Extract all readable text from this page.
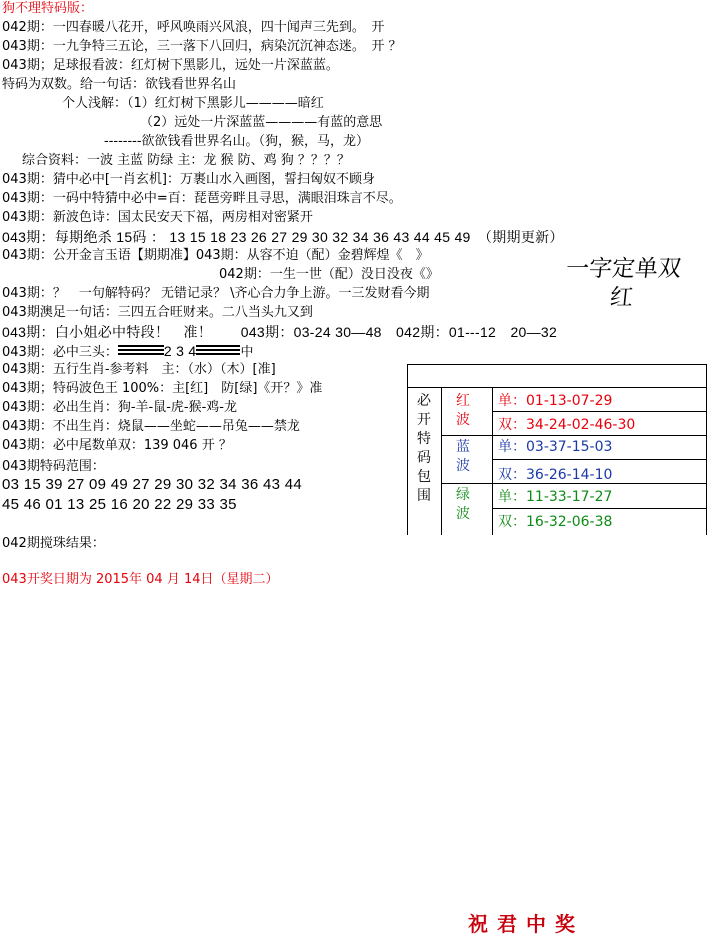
狗不理特码版：
042期：一四春暖八花开，呼风唤雨兴风浪，四十闻声三先到。　开
043期：一九争特三五论，三一落下八回归，病染沉沉神态迷。　开 ？
043期；足球报看波：红灯树下黑影儿，远处一片深蓝蓝。
特码为双数。给一句话：欲钱看世界名山
个人浅解：（1）红灯树下黑影儿————暗红
（2）远处一片深蓝蓝————有蓝的意思
--------欲欲钱看世界名山。（狗，猴，马，龙）
综合资料：一波 主蓝 防绿 主：龙 猴 防、鸡 狗 ？？？？
043期：猜中必中[一肖玄机]：万裹山水入画图，誓扫匈奴不顾身
043期：一码中特猜中必中=百：琵琶旁畔且寻思，满眼泪珠言不尽。
043期：新波色诗：国太民安天下福，两房相对密紧开
043期：每期绝杀 15码 ： 13 15 18 23 26 27 29 30 32 34 36 43 44 45 49　（期期更新）
043期：公开金言玉语【期期准】043期：从容不迫（配）金碧辉煌《　》
042期：一生一世（配）没日没夜《》
043期：？　一句解特码？ 无错记录？ \齐心合力争上游。一三发财看今期
043期澳足一句话：三四五合旺财来。二八当头九又到
043期：白小姐必中特段！　准！　　043期：03-24 30—48　042期：01---12　20—32
043期：必中三头：	2 3 4	中
043期：五行生肖-参考料　主：（水）（木）[准]
043期；特码波色王 100%：主[红]　防[绿]《开？》准
043期：必出生肖：狗-羊-鼠-虎-猴-鸡-龙
043期：不出生肖：烧鼠——坐蛇——吊兔——禁龙
043期：必中尾数单双：139 046 开 ？
043期特码范围：
03 15 39 27 09 49 27 29 30 32 34 36 43 44
45 46 01 13 25 16 20 22 29 33 35
042期搅珠结果：
043开奖日期为 2015年 04 月 14日（星期二）
一字定单双
红
必
开
特
码
包
围
红
波
蓝
波
绿
波
单：01-13-07-29
双：34-24-02-46-30
单：03-37-15-03
双：36-26-14-10
单：11-33-17-27
双：16-32-06-38
祝君中奖
